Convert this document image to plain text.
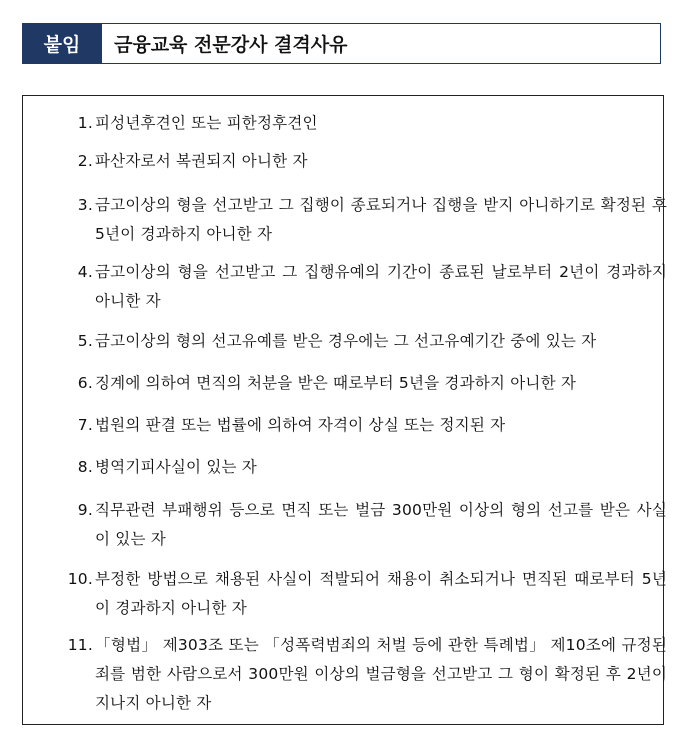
붙임	금융교육 전문강사 결격사유
1. 피성년후견인 또는 피한정후견인
2. 파산자로서 복권되지 아니한 자
3. 금고이상의 형을 선고받고 그 집행이 종료되거나 집행을 받지 아니하기로 확정된 후 5년이 경과하지 아니한 자
4. 금고이상의 형을 선고받고 그 집행유예의 기간이 종료된 날로부터 2년이 경과하지 아니한 자
5. 금고이상의 형의 선고유예를 받은 경우에는 그 선고유예기간 중에 있는 자
6. 징계에 의하여 면직의 처분을 받은 때로부터 5년을 경과하지 아니한 자
7. 법원의 판결 또는 법률에 의하여 자격이 상실 또는 정지된 자
8. 병역기피사실이 있는 자
9. 직무관련 부패행위 등으로 면직 또는 벌금 300만원 이상의 형의 선고를 받은 사실이 있는 자
10. 부정한 방법으로 채용된 사실이 적발되어 채용이 취소되거나 면직된 때로부터 5년이 경과하지 아니한 자
11. 「형법」 제303조 또는 「성폭력범죄의 처벌 등에 관한 특례법」 제10조에 규정된 죄를 범한 사람으로서 300만원 이상의 벌금형을 선고받고 그 형이 확정된 후 2년이 지나지 아니한 자
